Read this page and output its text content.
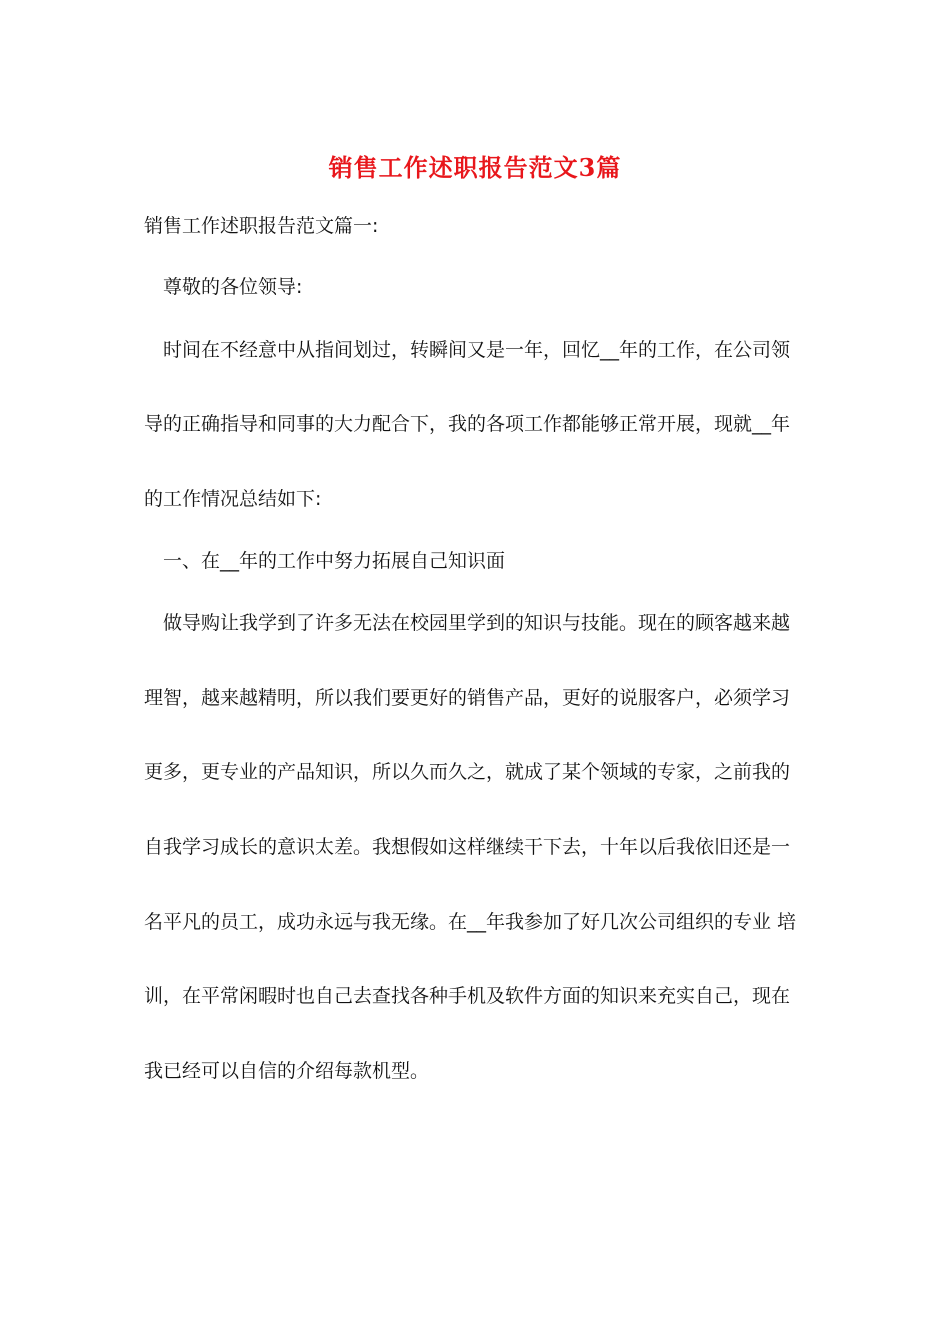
销售工作述职报告范文3篇
销售工作述职报告范文篇一:
　尊敬的各位领导:
　时间在不经意中从指间划过，转瞬间又是一年，回忆__年的工作，在公司领
导的正确指导和同事的大力配合下，我的各项工作都能够正常开展，现就__年
的工作情况总结如下:
　一、在__年的工作中努力拓展自己知识面
　做导购让我学到了许多无法在校园里学到的知识与技能。现在的顾客越来越
理智，越来越精明，所以我们要更好的销售产品，更好的说服客户，必须学习
更多，更专业的产品知识，所以久而久之，就成了某个领域的专家，之前我的
自我学习成长的意识太差。我想假如这样继续干下去，十年以后我依旧还是一
名平凡的员工，成功永远与我无缘。在__年我参加了好几次公司组织的专业 培
训，在平常闲暇时也自己去查找各种手机及软件方面的知识来充实自己，现在
我已经可以自信的介绍每款机型。
